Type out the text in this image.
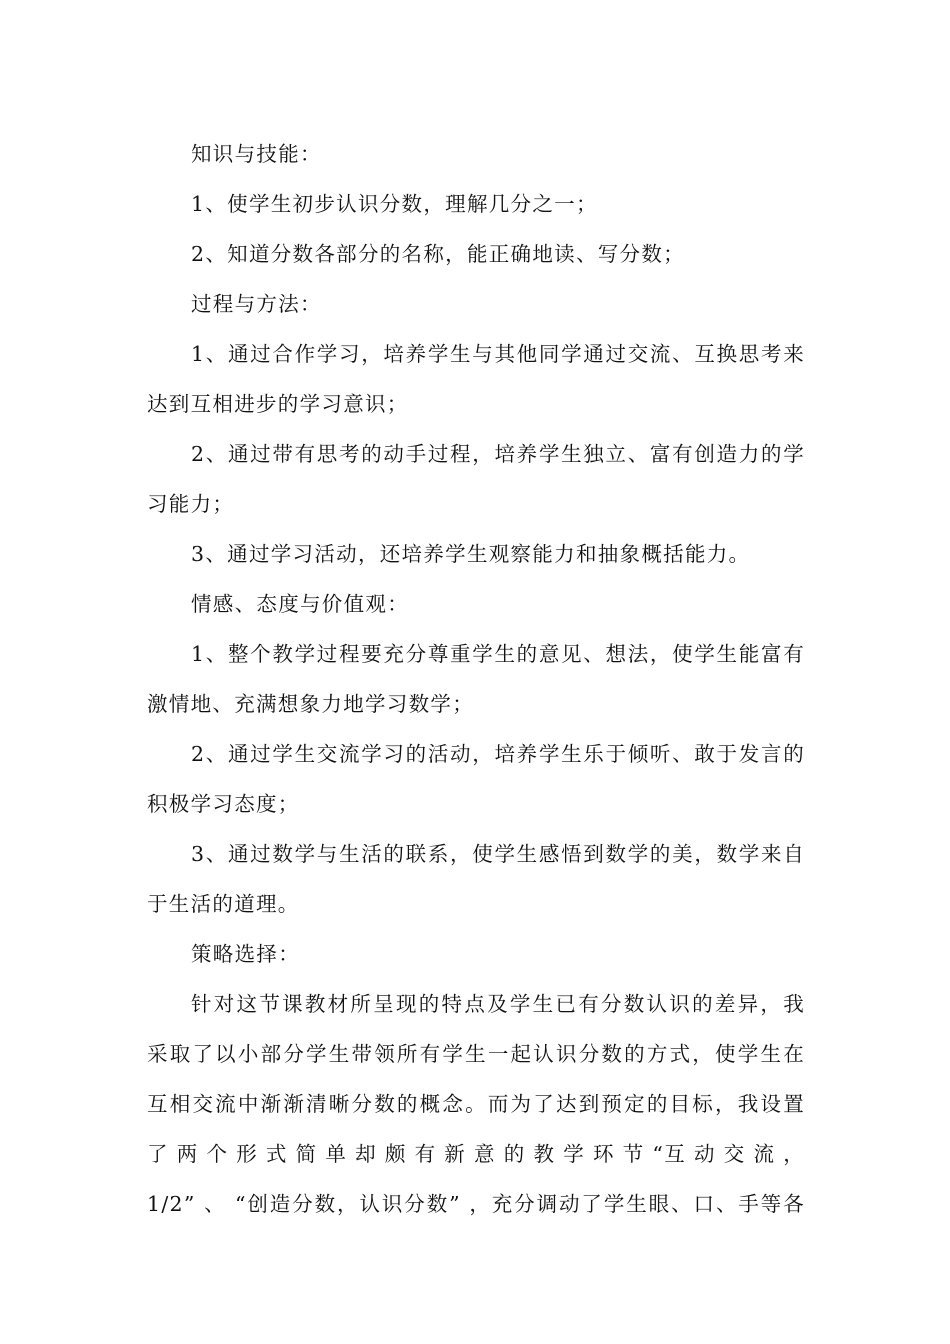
知识与技能：
1、使学生初步认识分数，理解几分之一；
2、知道分数各部分的名称，能正确地读、写分数；
过程与方法：
1、通过合作学习，培养学生与其他同学通过交流、互换思考来
达到互相进步的学习意识；
2、通过带有思考的动手过程，培养学生独立、富有创造力的学
习能力；
3、通过学习活动，还培养学生观察能力和抽象概括能力。
情感、态度与价值观：
1、整个教学过程要充分尊重学生的意见、想法，使学生能富有
激情地、充满想象力地学习数学；
2、通过学生交流学习的活动，培养学生乐于倾听、敢于发言的
积极学习态度；
3、通过数学与生活的联系，使学生感悟到数学的美，数学来自
于生活的道理。
策略选择：
针对这节课教材所呈现的特点及学生已有分数认识的差异，我
采取了以小部分学生带领所有学生一起认识分数的方式，使学生在
互相交流中渐渐清晰分数的概念。而为了达到预定的目标，我设置
了 两 个 形 式 简 单 却 颇 有 新 意 的 教 学 环 节 “互 动 交 流 ，
1/2” 、 “创造分数，认识分数” ，充分调动了学生眼、口、手等各
